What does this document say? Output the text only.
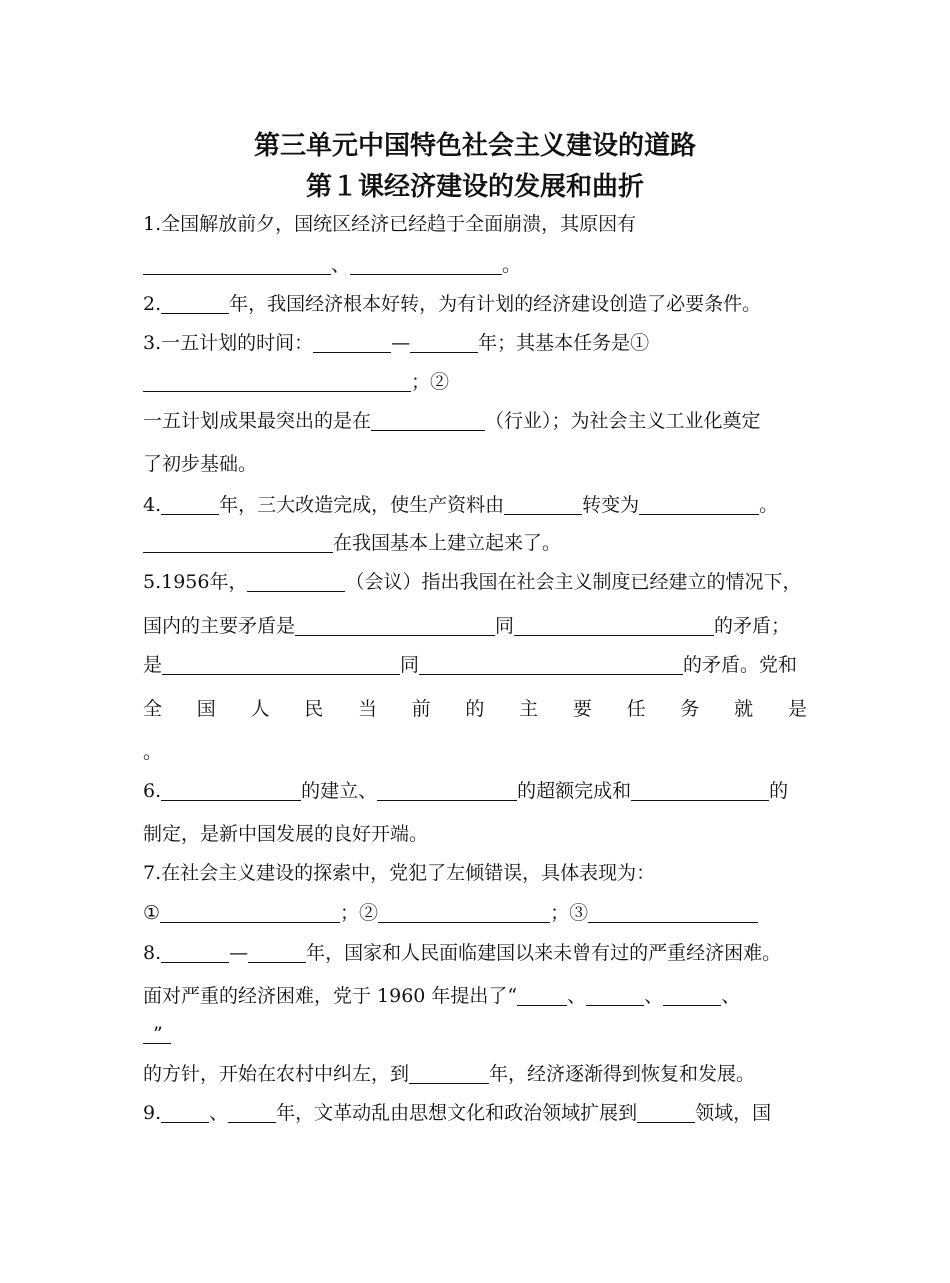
第三单元中国特色社会主义建设的道路
第１课经济建设的发展和曲折
1.全国解放前夕，国统区经济已经趋于全面崩溃，其原因有
、	。
2.	年，我国经济根本好转，为有计划的经济建设创造了必要条件。
3.一五计划的时间：	—	年；其基本任务是①
；②
一五计划成果最突出的是在	（行业）；为社会主义工业化奠定
了初步基础。
4.	年，三大改造完成，使生产资料由	转变为	。
在我国基本上建立起来了。
5.1956年，	（会议）指出我国在社会主义制度已经建立的情况下，
国内的主要矛盾是	同	的矛盾；
是	同	的矛盾。党和
全 国 人 民 当 前 的 主 要 任 务 就 是
。
6.	的建立、	的超额完成和	的
制定，是新中国发展的良好开端。
7.在社会主义建设的探索中，党犯了左倾错误，具体表现为：
①	；②	；③
8.	—	年，国家和人民面临建国以来未曾有过的严重经济困难。
面对严重的经济困难，党于 1960 年提出了“	、	、	、
”
的方针，开始在农村中纠左，到	年，经济逐渐得到恢复和发展。
9.	、	年，文革动乱由思想文化和政治领域扩展到	领域，国
